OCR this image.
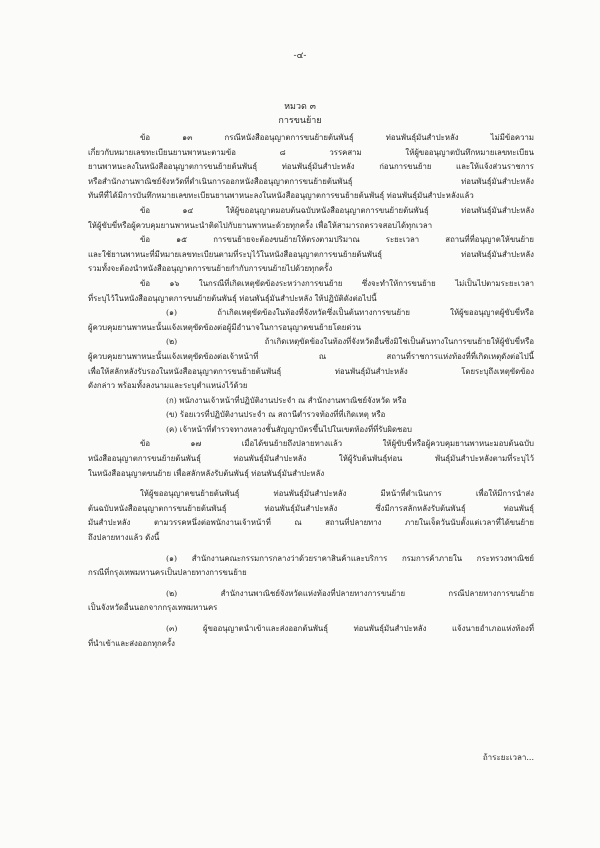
-๔-
หมวด ๓
การขนย้าย
ข้อ ๑๓ กรณีหนังสืออนุญาตการขนย้ายต้นพันธุ์ ท่อนพันธุ์มันสำปะหลัง ไม่มีข้อความ
เกี่ยวกับหมายเลขทะเบียนยานพาหนะตามข้อ ๘ วรรคสาม ให้ผู้ขออนุญาตบันทึกหมายเลขทะเบียน
ยานพาหนะลงในหนังสืออนุญาตการขนย้ายต้นพันธุ์ ท่อนพันธุ์มันสำปะหลัง ก่อนการขนย้าย และให้แจ้งส่วนราชการ
หรือสำนักงานพาณิชย์จังหวัดที่ดำเนินการออกหนังสืออนุญาตการขนย้ายต้นพันธุ์ ท่อนพันธุ์มันสำปะหลัง
ทันทีที่ได้มีการบันทึกหมายเลขทะเบียนยานพาหนะลงในหนังสืออนุญาตการขนย้ายต้นพันธุ์ ท่อนพันธุ์มันสำปะหลังแล้ว
ข้อ ๑๔ ให้ผู้ขออนุญาตมอบต้นฉบับหนังสืออนุญาตการขนย้ายต้นพันธุ์ ท่อนพันธุ์มันสำปะหลัง
ให้ผู้ขับขี่หรือผู้ควบคุมยานพาหนะนำติดไปกับยานพาหนะด้วยทุกครั้ง เพื่อให้สามารถตรวจสอบได้ทุกเวลา
ข้อ ๑๕ การขนย้ายจะต้องขนย้ายให้ตรงตามปริมาณ ระยะเวลา สถานที่ที่อนุญาตให้ขนย้าย
และใช้ยานพาหนะที่มีหมายเลขทะเบียนตามที่ระบุไว้ในหนังสืออนุญาตการขนย้ายต้นพันธุ์ ท่อนพันธุ์มันสำปะหลัง
รวมทั้งจะต้องนำหนังสืออนุญาตการขนย้ายกำกับการขนย้ายไปด้วยทุกครั้ง
ข้อ ๑๖ ในกรณีที่เกิดเหตุขัดข้องระหว่างการขนย้าย ซึ่งจะทำให้การขนย้าย ไม่เป็นไปตามระยะเวลา
ที่ระบุไว้ในหนังสืออนุญาตการขนย้ายต้นพันธุ์ ท่อนพันธุ์มันสำปะหลัง ให้ปฏิบัติดังต่อไปนี้
(๑) ถ้าเกิดเหตุขัดข้องในท้องที่จังหวัดซึ่งเป็นต้นทางการขนย้าย ให้ผู้ขออนุญาตผู้ขับขี่หรือ
ผู้ควบคุมยานพาหนะนั้นแจ้งเหตุขัดข้องต่อผู้มีอำนาจในการอนุญาตขนย้ายโดยด่วน
(๒) ถ้าเกิดเหตุขัดข้องในท้องที่จังหวัดอื่นซึ่งมิใช่เป็นต้นทางในการขนย้ายให้ผู้ขับขี่หรือ
ผู้ควบคุมยานพาหนะนั้นแจ้งเหตุขัดข้องต่อเจ้าหน้าที่ ณ สถานที่ราชการแห่งท้องที่ที่เกิดเหตุดังต่อไปนี้
เพื่อให้สลักหลังรับรองในหนังสืออนุญาตการขนย้ายต้นพันธุ์ ท่อนพันธุ์มันสำปะหลัง โดยระบุถึงเหตุขัดข้อง
ดังกล่าว พร้อมทั้งลงนามและระบุตำแหน่งไว้ด้วย
(ก) พนักงานเจ้าหน้าที่ปฏิบัติงานประจำ ณ สำนักงานพาณิชย์จังหวัด หรือ
(ข) ร้อยเวรที่ปฏิบัติงานประจำ ณ สถานีตำรวจท้องที่ที่เกิดเหตุ หรือ
(ค) เจ้าหน้าที่ตำรวจทางหลวงชั้นสัญญาบัตรขึ้นไปในเขตท้องที่ที่รับผิดชอบ
ข้อ ๑๗ เมื่อได้ขนย้ายถึงปลายทางแล้ว ให้ผู้ขับขี่หรือผู้ควบคุมยานพาหนะมอบต้นฉบับ
หนังสืออนุญาตการขนย้ายต้นพันธุ์ ท่อนพันธุ์มันสำปะหลัง ให้ผู้รับต้นพันธุ์ท่อน พันธุ์มันสำปะหลังตามที่ระบุไว้
ในหนังสืออนุญาตขนย้าย เพื่อสลักหลังรับต้นพันธุ์ ท่อนพันธุ์มันสำปะหลัง
ให้ผู้ขออนุญาตขนย้ายต้นพันธุ์ ท่อนพันธุ์มันสำปะหลัง มีหน้าที่ดำเนินการ เพื่อให้มีการนำส่ง
ต้นฉบับหนังสืออนุญาตการขนย้ายต้นพันธุ์ ท่อนพันธุ์มันสำปะหลัง ซึ่งมีการสลักหลังรับต้นพันธุ์ ท่อนพันธุ์
มันสำปะหลัง ตามวรรคหนึ่งต่อพนักงานเจ้าหน้าที่ ณ สถานที่ปลายทาง ภายในเจ็ดวันนับตั้งแต่เวลาที่ได้ขนย้าย
ถึงปลายทางแล้ว ดังนี้
(๑) สำนักงานคณะกรรมการกลางว่าด้วยราคาสินค้าและบริการ กรมการค้าภายใน กระทรวงพาณิชย์
กรณีที่กรุงเทพมหานครเป็นปลายทางการขนย้าย
(๒) สำนักงานพาณิชย์จังหวัดแห่งท้องที่ปลายทางการขนย้าย กรณีปลายทางการขนย้าย
เป็นจังหวัดอื่นนอกจากกรุงเทพมหานคร
(๓) ผู้ขออนุญาตนำเข้าและส่งออกต้นพันธุ์ ท่อนพันธุ์มันสำปะหลัง แจ้งนายอำเภอแห่งท้องที่
ที่นำเข้าและส่งออกทุกครั้ง
ถ้าระยะเวลา...
